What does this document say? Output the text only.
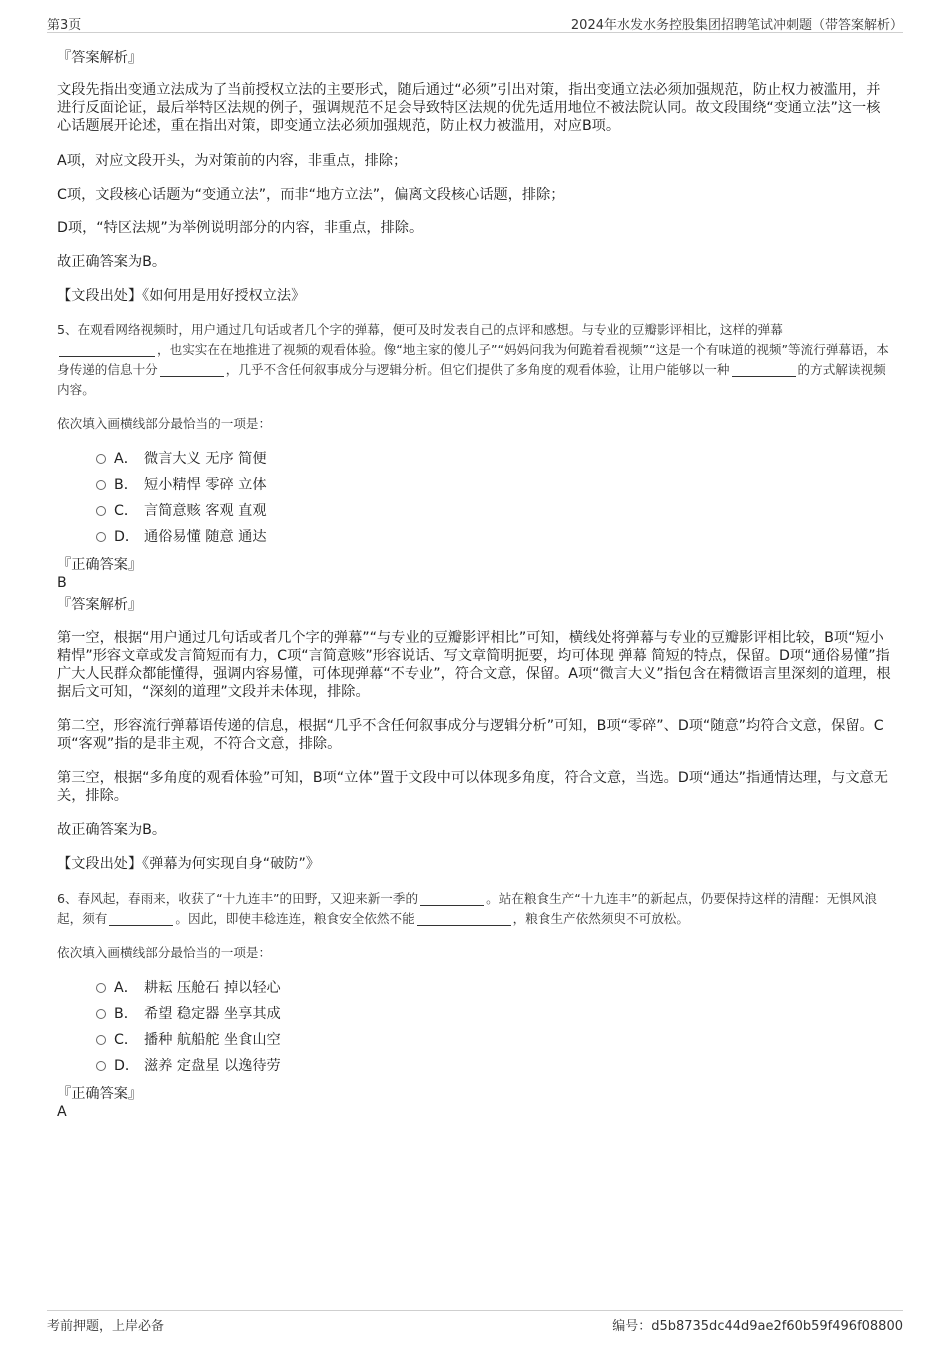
第3页	2024年水发水务控股集团招聘笔试冲刺题（带答案解析）
『答案解析』
文段先指出变通立法成为了当前授权立法的主要形式，随后通过“必须”引出对策，指出变通立法必须加强规范，防止权力被滥用，并进行反面论证，最后举特区法规的例子，强调规范不足会导致特区法规的优先适用地位不被法院认同。故文段围绕“变通立法”这一核心话题展开论述，重在指出对策，即变通立法必须加强规范，防止权力被滥用，对应B项。
A项，对应文段开头，为对策前的内容，非重点，排除；
C项，文段核心话题为“变通立法”，而非“地方立法”，偏离文段核心话题，排除；
D项，“特区法规”为举例说明部分的内容，非重点，排除。
故正确答案为B。
【文段出处】《如何用是用好授权立法》
5、在观看网络视频时，用户通过几句话或者几个字的弹幕，便可及时发表自己的点评和感想。与专业的豆瓣影评相比，这样的弹幕
，也实实在在地推进了视频的观看体验。像“地主家的傻儿子”“妈妈问我为何跪着看视频”“这是一个有味道的视频”等流行弹幕语，本身传递的信息十分	，几乎不含任何叙事成分与逻辑分析。但它们提供了多角度的观看体验，让用户能够以一种	的方式解读视频内容。
依次填入画横线部分最恰当的一项是：
A． 微言大义 无序 简便
B． 短小精悍 零碎 立体
C． 言简意赅 客观 直观
D． 通俗易懂 随意 通达
『正确答案』
B
『答案解析』
第一空，根据“用户通过几句话或者几个字的弹幕”“与专业的豆瓣影评相比”可知，横线处将弹幕与专业的豆瓣影评相比较，B项“短小精悍”形容文章或发言简短而有力，C项“言简意赅”形容说话、写文章简明扼要，均可体现 弹幕 简短的特点，保留。D项“通俗易懂”指广大人民群众都能懂得，强调内容易懂，可体现弹幕“不专业”，符合文意，保留。A项“微言大义”指包含在精微语言里深刻的道理，根据后文可知，“深刻的道理”文段并未体现，排除。
第二空，形容流行弹幕语传递的信息，根据“几乎不含任何叙事成分与逻辑分析”可知，B项“零碎”、D项“随意”均符合文意，保留。C项“客观”指的是非主观，不符合文意，排除。
第三空，根据“多角度的观看体验”可知，B项“立体”置于文段中可以体现多角度，符合文意，当选。D项“通达”指通情达理，与文意无关，排除。
故正确答案为B。
【文段出处】《弹幕为何实现自身“破防”》
6、春风起，春雨来，收获了“十九连丰”的田野，又迎来新一季的	。站在粮食生产“十九连丰”的新起点，仍要保持这样的清醒：无惧风浪起，须有	。因此，即使丰稔连连，粮食安全依然不能	，粮食生产依然须臾不可放松。
依次填入画横线部分最恰当的一项是：
A． 耕耘 压舱石 掉以轻心
B． 希望 稳定器 坐享其成
C． 播种 航船舵 坐食山空
D． 滋养 定盘星 以逸待劳
『正确答案』
A
考前押题，上岸必备	编号：d5b8735dc44d9ae2f60b59f496f08800
